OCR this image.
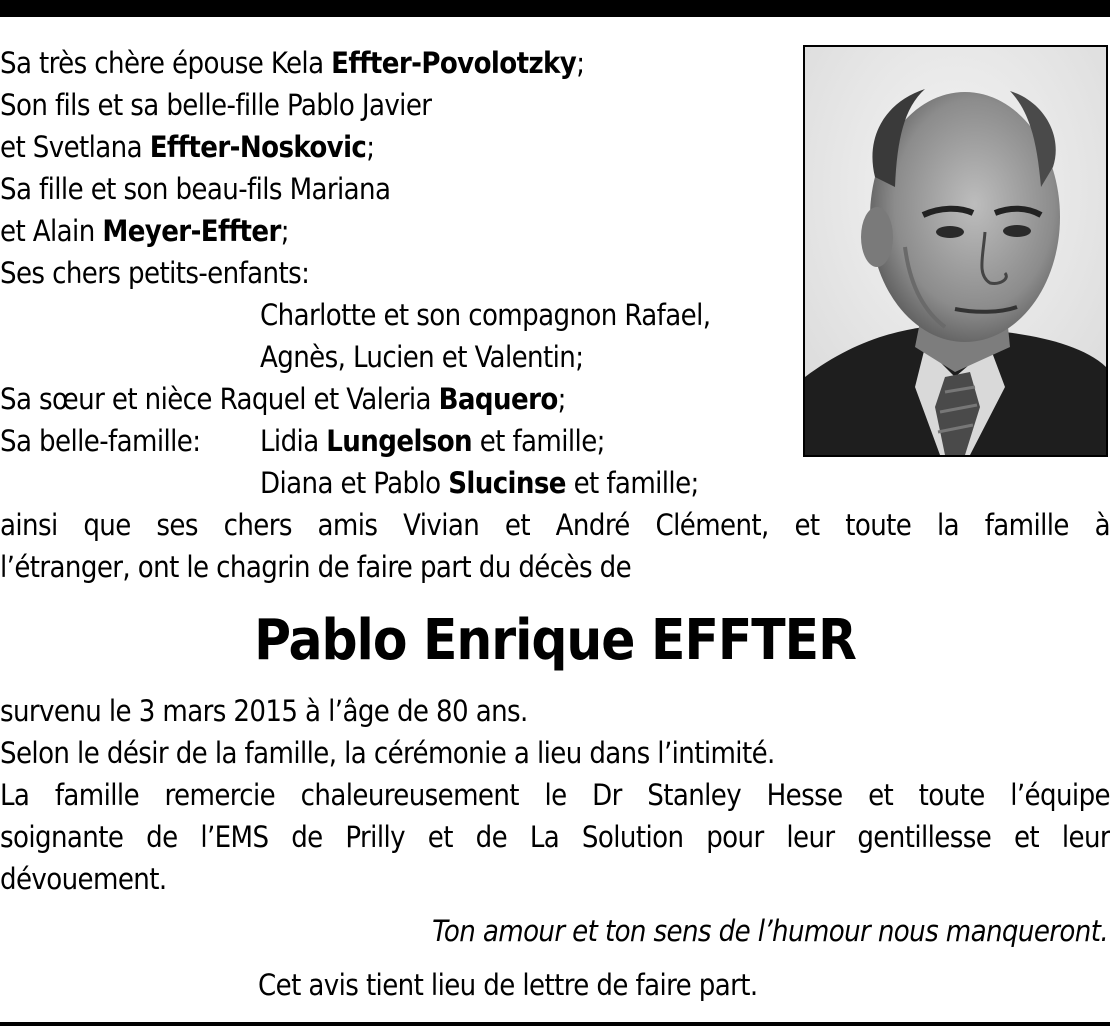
Sa très chère épouse Kela Effter-Povolotzky;

Son fils et sa belle-fille Pablo Javier

et Svetlana Effter-Noskovic;

Sa fille et son beau-fils Mariana

et Alain Meyer-Effter;

Ses chers petits-enfants:

Charlotte et son compagnon Rafael,

Agnès, Lucien et Valentin;

Sa sœur et nièce Raquel et Valeria Baquero;

Sa belle-famille: Lidia Lungelson et famille;

Diana et Pablo Slucinse et famille;

ainsi que ses chers amis Vivian et André Clément, et toute la famille à

l’étranger, ont le chagrin de faire part du décès de

Pablo Enrique EFFTER

survenu le 3 mars 2015 à l’âge de 80 ans.

Selon le désir de la famille, la cérémonie a lieu dans l’intimité.

La famille remercie chaleureusement le Dr Stanley Hesse et toute l’équipe

soignante de l’EMS de Prilly et de La Solution pour leur gentillesse et leur

dévouement.

Ton amour et ton sens de l’humour nous manqueront.

Cet avis tient lieu de lettre de faire part.
